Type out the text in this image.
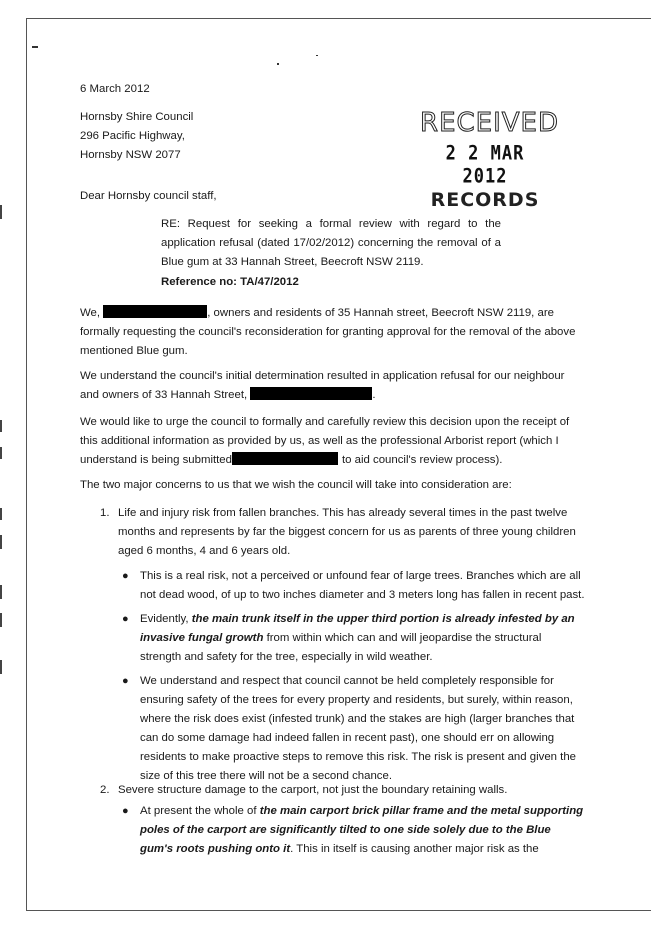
6 March 2012

Hornsby Shire Council
296 Pacific Highway,
Hornsby NSW 2077

RECEIVED
2 2 MAR 2012
RECORDS

Dear Hornsby council staff,

RE: Request for seeking a formal review with regard to the application refusal (dated 17/02/2012) concerning the removal of a Blue gum at 33 Hannah Street, Beecroft NSW 2119.

Reference no: TA/47/2012

We,	, owners and residents of 35 Hannah street, Beecroft NSW 2119, are formally requesting the council's reconsideration for granting approval for the removal of the above mentioned Blue gum.

We understand the council's initial determination resulted in application refusal for our neighbour and owners of 33 Hannah Street,	.

We would like to urge the council to formally and carefully review this decision upon the receipt of this additional information as provided by us, as well as the professional Arborist report (which I understand is being submitted	to aid council's review process).

The two major concerns to us that we wish the council will take into consideration are:

1. Life and injury risk from fallen branches. This has already several times in the past twelve months and represents by far the biggest concern for us as parents of three young children aged 6 months, 4 and 6 years old.
● This is a real risk, not a perceived or unfound fear of large trees. Branches which are all not dead wood, of up to two inches diameter and 3 meters long has fallen in recent past.
● Evidently, the main trunk itself in the upper third portion is already infested by an invasive fungal growth from within which can and will jeopardise the structural strength and safety for the tree, especially in wild weather.
● We understand and respect that council cannot be held completely responsible for ensuring safety of the trees for every property and residents, but surely, within reason, where the risk does exist (infested trunk) and the stakes are high (larger branches that can do some damage had indeed fallen in recent past), one should err on allowing residents to make proactive steps to remove this risk. The risk is present and given the size of this tree there will not be a second chance.
2. Severe structure damage to the carport, not just the boundary retaining walls.
● At present the whole of the main carport brick pillar frame and the metal supporting poles of the carport are significantly tilted to one side solely due to the Blue gum's roots pushing onto it. This in itself is causing another major risk as the
